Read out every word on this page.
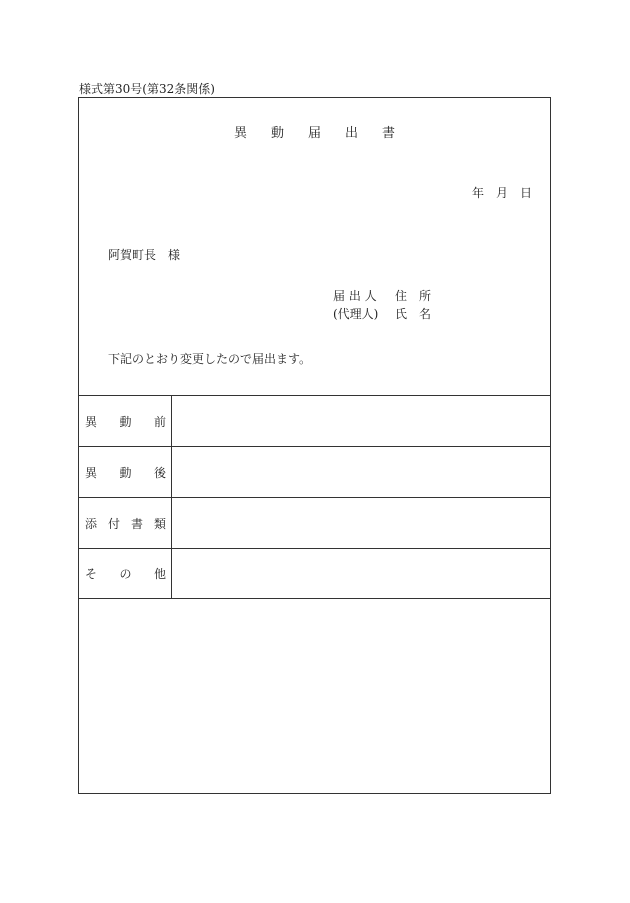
様式第30号(第32条関係)
異 動 届 出 書
年 月 日
阿賀町長　様
届 出 人	住　所
(代理人)	氏　名
下記のとおり変更したので届出ます。
異 動 前
異 動 後
添 付 書 類
そ の 他
